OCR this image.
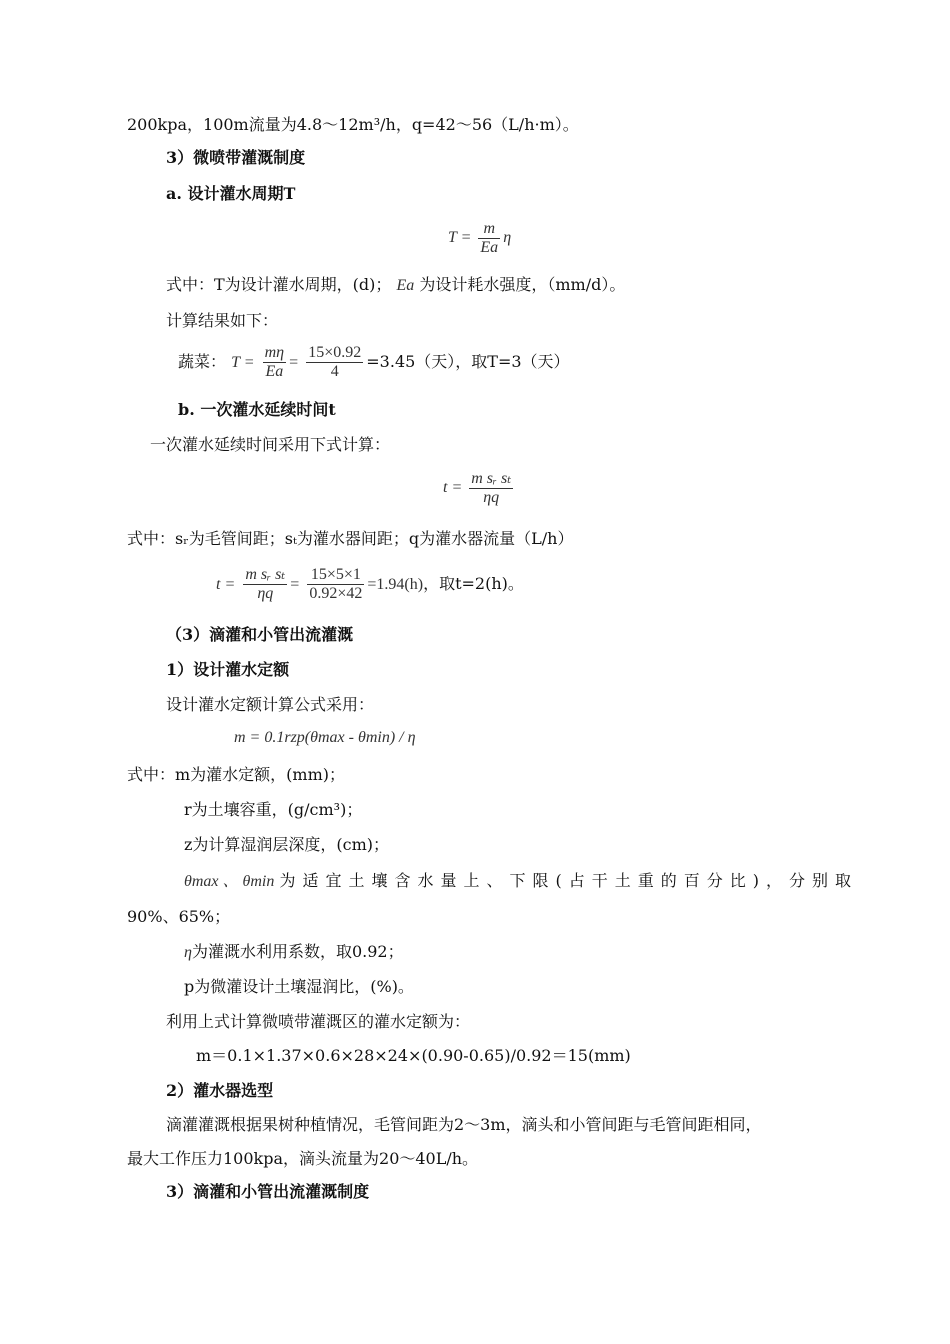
200kpa，100m流量为4.8～12m³/h，q=42～56（L/h·m）。
3）微喷带灌溉制度
a. 设计灌水周期T
$T = \frac{m}{Ea}$ η
式中：T为设计灌水周期，(d)； Ea 为设计耗水强度，（mm/d）。
计算结果如下：
蔬菜： $T = \frac{m\eta}{Ea} = \frac{15\times 0.92}{4} =3.45$（天），取T=3（天）
b. 一次灌水延续时间t
一次灌水延续时间采用下式计算：
$t = \frac{\text{m sᵣ sₜ}}{\eta q}$
式中：sᵣ为毛管间距；sₜ为灌水器间距；q为灌水器流量（L/h）
$t = \frac{\text{m sᵣ sₜ}}{\eta q} = \frac{15\times 5\times 1}{0.92\times 42} =1.94(h)$，取t=2(h)。
（3）滴灌和小管出流灌溉
1）设计灌水定额
设计灌水定额计算公式采用：
m = 0.1rzp(θmax - θmin) / η
式中：m为灌水定额，(mm)；
r为土壤容重，(g/cm³)；
z为计算湿润层深度，(cm)；
θmax 、 θmin 为适宜土壤含水量上、下限(占干土重的百分比)，分别取
90%、65%；
η为灌溉水利用系数，取0.92；
p为微灌设计土壤湿润比，(%)。
利用上式计算微喷带灌溉区的灌水定额为：
m＝0.1×1.37×0.6×28×24×(0.90-0.65)/0.92＝15(mm)
2）灌水器选型
滴灌灌溉根据果树种植情况，毛管间距为2～3m，滴头和小管间距与毛管间距相同，
最大工作压力100kpa，滴头流量为20～40L/h。
3）滴灌和小管出流灌溉制度
